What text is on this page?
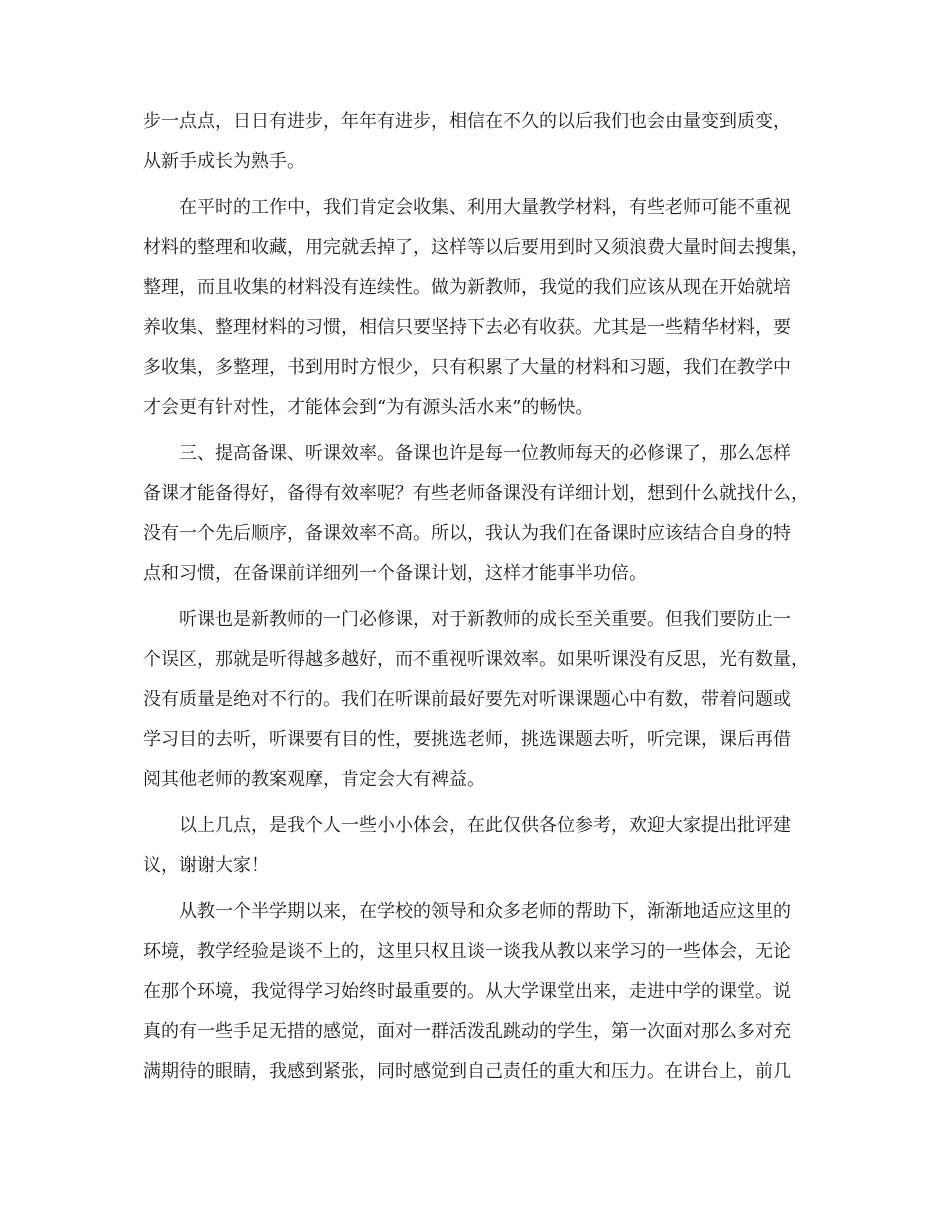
步一点点，日日有进步，年年有进步，相信在不久的以后我们也会由量变到质变，
从新手成长为熟手。
在平时的工作中，我们肯定会收集、利用大量教学材料，有些老师可能不重视
材料的整理和收藏，用完就丢掉了，这样等以后要用到时又须浪费大量时间去搜集，
整理，而且收集的材料没有连续性。做为新教师，我觉的我们应该从现在开始就培
养收集、整理材料的习惯，相信只要坚持下去必有收获。尤其是一些精华材料，要
多收集，多整理，书到用时方恨少，只有积累了大量的材料和习题，我们在教学中
才会更有针对性，才能体会到“为有源头活水来”的畅快。
三、提高备课、听课效率。备课也许是每一位教师每天的必修课了，那么怎样
备课才能备得好，备得有效率呢？有些老师备课没有详细计划，想到什么就找什么，
没有一个先后顺序，备课效率不高。所以，我认为我们在备课时应该结合自身的特
点和习惯，在备课前详细列一个备课计划，这样才能事半功倍。
听课也是新教师的一门必修课，对于新教师的成长至关重要。但我们要防止一
个误区，那就是听得越多越好，而不重视听课效率。如果听课没有反思，光有数量，
没有质量是绝对不行的。我们在听课前最好要先对听课课题心中有数，带着问题或
学习目的去听，听课要有目的性，要挑选老师，挑选课题去听，听完课，课后再借
阅其他老师的教案观摩，肯定会大有裨益。
以上几点，是我个人一些小小体会，在此仅供各位参考，欢迎大家提出批评建
议，谢谢大家！
从教一个半学期以来，在学校的领导和众多老师的帮助下，渐渐地适应这里的
环境，教学经验是谈不上的，这里只权且谈一谈我从教以来学习的一些体会，无论
在那个环境，我觉得学习始终时最重要的。从大学课堂出来，走进中学的课堂。说
真的有一些手足无措的感觉，面对一群活泼乱跳动的学生，第一次面对那么多对充
满期待的眼睛，我感到紧张，同时感觉到自己责任的重大和压力。在讲台上，前几
